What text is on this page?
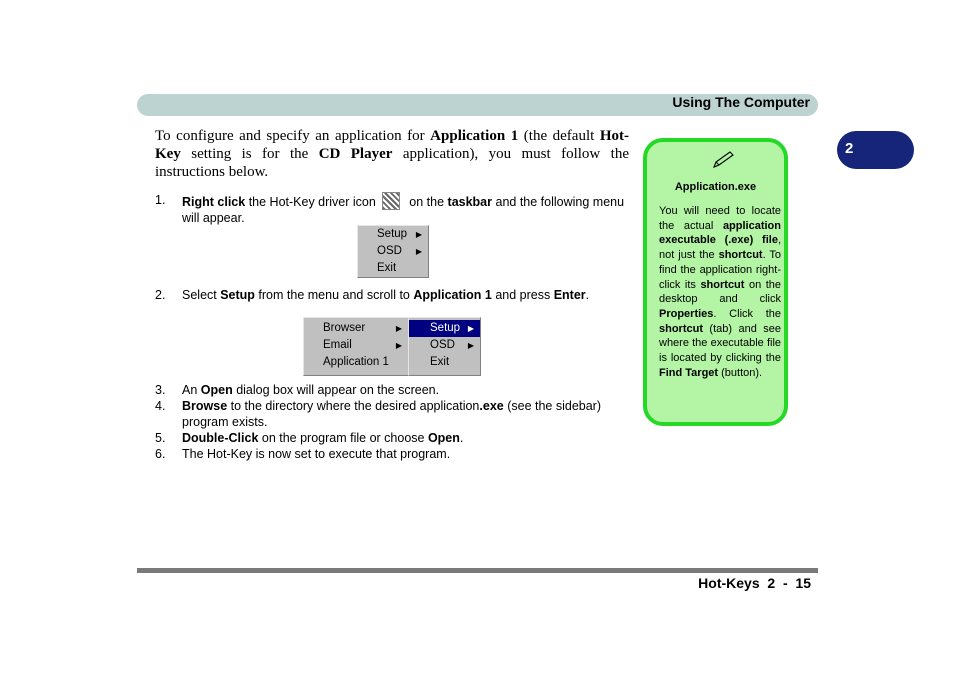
Using The Computer
2
To configure and specify an application for Application 1 (the default Hot-Key setting is for the CD Player application), you must follow the instructions below.
1. Right click the Hot-Key driver icon on the taskbar and the following menu will appear.
Setup ▶
OSD ▶
Exit
2. Select Setup from the menu and scroll to Application 1 and press Enter.
Browser	▶
Email	▶
Application 1
Setup ▶
OSD ▶
Exit
3. An Open dialog box will appear on the screen.
4. Browse to the directory where the desired application.exe (see the sidebar) program exists.
5. Double-Click on the program file or choose Open.
6. The Hot-Key is now set to execute that program.
Application.exe
You will need to locate the actual application executable (.exe) file, not just the shortcut. To find the application right-click its shortcut on the desktop and click Properties. Click the shortcut (tab) and see where the executable file is located by clicking the Find Target (button).
Hot-Keys  2  -  15
